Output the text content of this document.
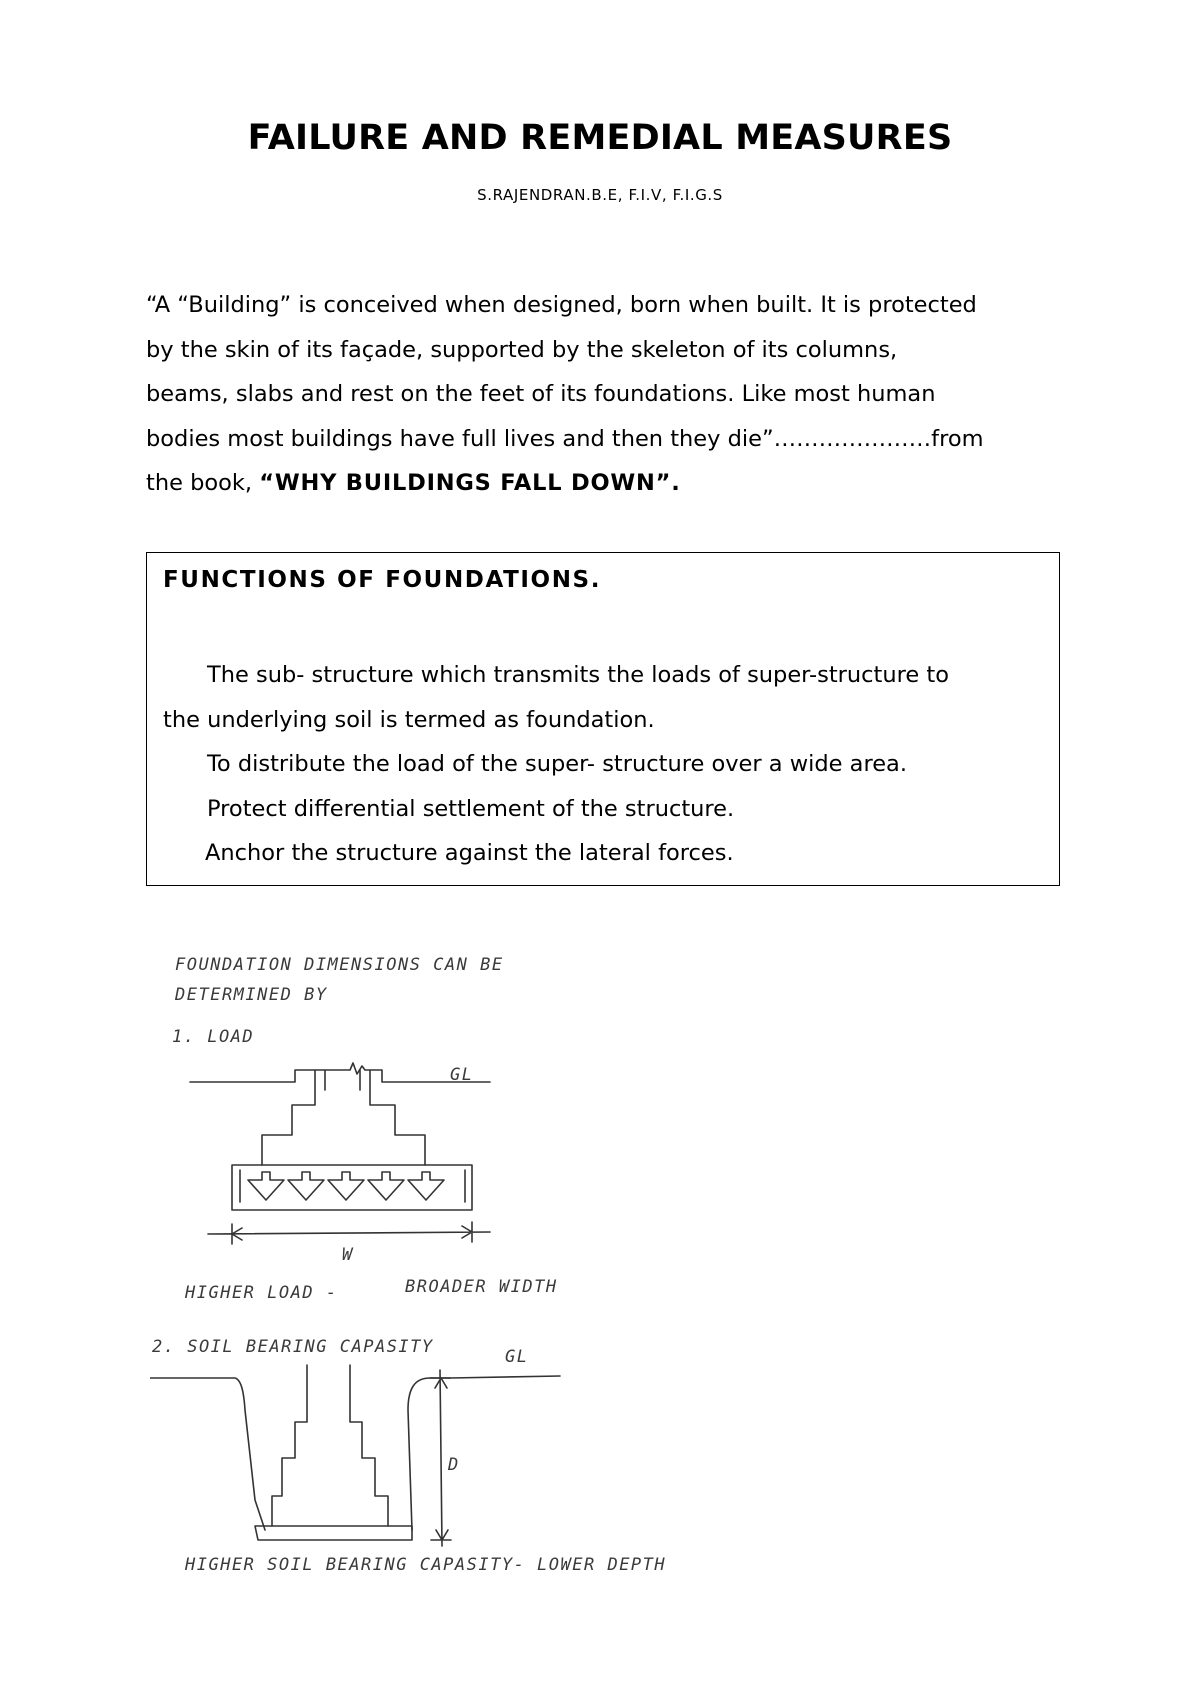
FAILURE AND REMEDIAL MEASURES
S.RAJENDRAN.B.E, F.I.V, F.I.G.S

“A “Building” is conceived when designed, born when built. It is protected
by the skin of its façade, supported by the skeleton of its columns,
beams, slabs and rest on the feet of its foundations. Like most human
bodies most buildings have full lives and then they die”…………………from
the book, “WHY BUILDINGS FALL DOWN”.

FUNCTIONS OF FOUNDATIONS.
The sub- structure which transmits the loads of super-structure to
the underlying soil is termed as foundation.
To distribute the load of the super- structure over a wide area.
Protect differential settlement of the structure.
Anchor the structure against the lateral forces.
FOUNDATION DIMENSIONS CAN BE
DETERMINED BY
1. LOAD
GL
W
HIGHER LOAD -	BROADER WIDTH
2. SOIL BEARING CAPASITY	GL
D
HIGHER SOIL BEARING CAPASITY- LOWER DEPTH
